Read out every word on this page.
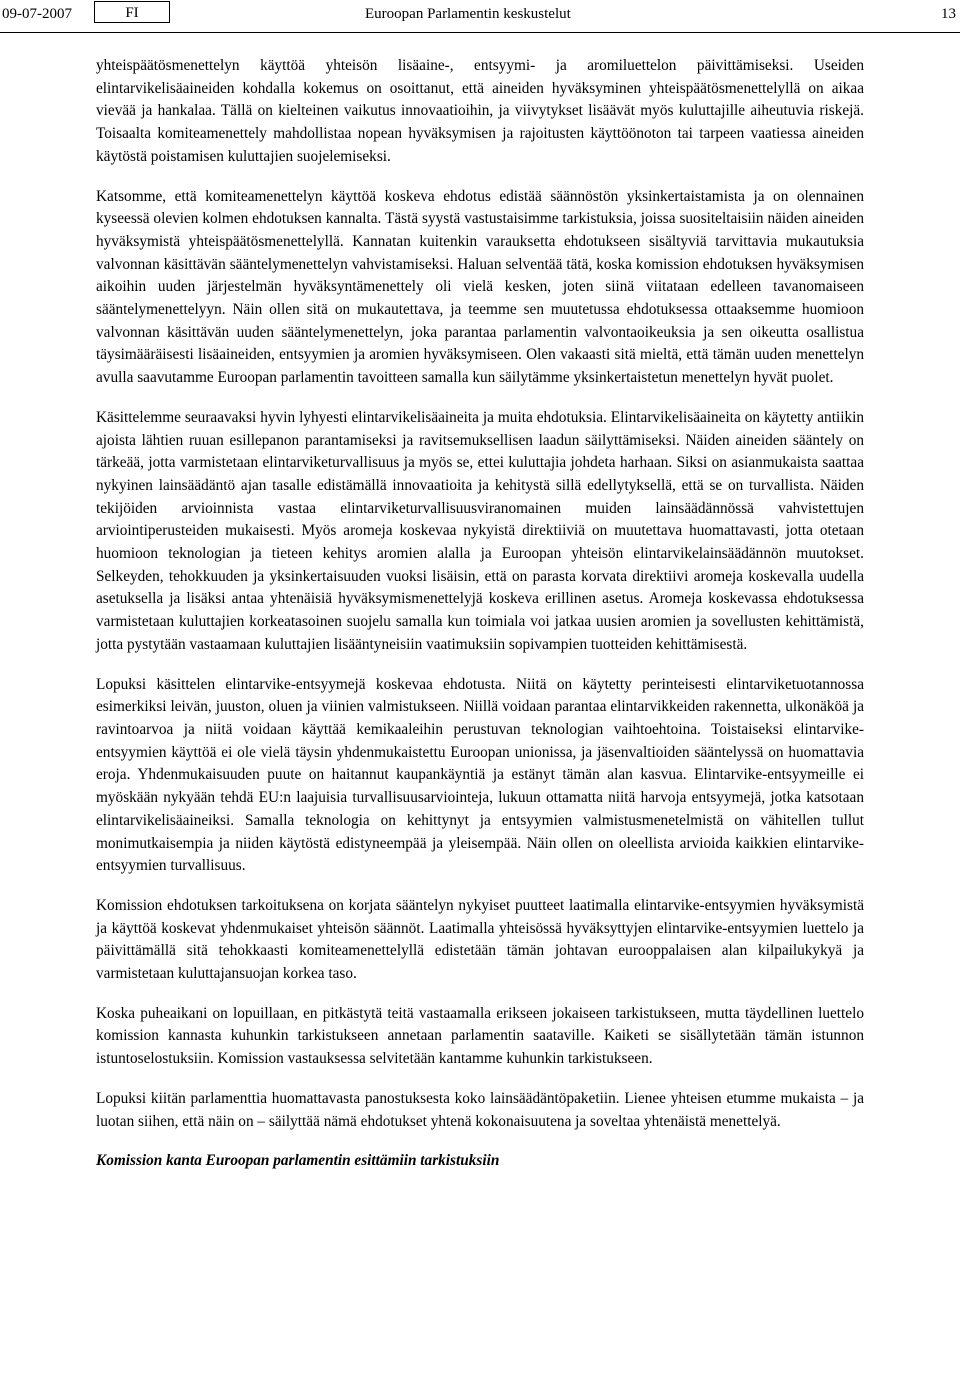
09-07-2007	FI	Euroopan Parlamentin keskustelut	13

yhteispäätösmenettelyn käyttöä yhteisön lisäaine-, entsyymi- ja aromiluettelon päivittämiseksi. Useiden elintarvikelisäaineiden kohdalla kokemus on osoittanut, että aineiden hyväksyminen yhteispäätösmenettelyllä on aikaa vievää ja hankalaa. Tällä on kielteinen vaikutus innovaatioihin, ja viivytykset lisäävät myös kuluttajille aiheutuvia riskejä. Toisaalta komiteamenettely mahdollistaa nopean hyväksymisen ja rajoitusten käyttöönoton tai tarpeen vaatiessa aineiden käytöstä poistamisen kuluttajien suojelemiseksi.

Katsomme, että komiteamenettelyn käyttöä koskeva ehdotus edistää säännöstön yksinkertaistamista ja on olennainen kyseessä olevien kolmen ehdotuksen kannalta. Tästä syystä vastustaisimme tarkistuksia, joissa suositeltaisiin näiden aineiden hyväksymistä yhteispäätösmenettelyllä. Kannatan kuitenkin varauksetta ehdotukseen sisältyviä tarvittavia mukautuksia valvonnan käsittävän sääntelymenettelyn vahvistamiseksi. Haluan selventää tätä, koska komission ehdotuksen hyväksymisen aikoihin uuden järjestelmän hyväksyntämenettely oli vielä kesken, joten siinä viitataan edelleen tavanomaiseen sääntelymenettelyyn. Näin ollen sitä on mukautettava, ja teemme sen muutetussa ehdotuksessa ottaaksemme huomioon valvonnan käsittävän uuden sääntelymenettelyn, joka parantaa parlamentin valvontaoikeuksia ja sen oikeutta osallistua täysimääräisesti lisäaineiden, entsyymien ja aromien hyväksymiseen. Olen vakaasti sitä mieltä, että tämän uuden menettelyn avulla saavutamme Euroopan parlamentin tavoitteen samalla kun säilytämme yksinkertaistetun menettelyn hyvät puolet.

Käsittelemme seuraavaksi hyvin lyhyesti elintarvikelisäaineita ja muita ehdotuksia. Elintarvikelisäaineita on käytetty antiikin ajoista lähtien ruuan esillepanon parantamiseksi ja ravitsemuksellisen laadun säilyttämiseksi. Näiden aineiden sääntely on tärkeää, jotta varmistetaan elintarviketurvallisuus ja myös se, ettei kuluttajia johdeta harhaan. Siksi on asianmukaista saattaa nykyinen lainsäädäntö ajan tasalle edistämällä innovaatioita ja kehitystä sillä edellytyksellä, että se on turvallista. Näiden tekijöiden arvioinnista vastaa elintarviketurvallisuusviranomainen muiden lainsäädännössä vahvistettujen arviointiperusteiden mukaisesti. Myös aromeja koskevaa nykyistä direktiiviä on muutettava huomattavasti, jotta otetaan huomioon teknologian ja tieteen kehitys aromien alalla ja Euroopan yhteisön elintarvikelainsäädännön muutokset. Selkeyden, tehokkuuden ja yksinkertaisuuden vuoksi lisäisin, että on parasta korvata direktiivi aromeja koskevalla uudella asetuksella ja lisäksi antaa yhtenäisiä hyväksymismenettelyjä koskeva erillinen asetus. Aromeja koskevassa ehdotuksessa varmistetaan kuluttajien korkeatasoinen suojelu samalla kun toimiala voi jatkaa uusien aromien ja sovellusten kehittämistä, jotta pystytään vastaamaan kuluttajien lisääntyneisiin vaatimuksiin sopivampien tuotteiden kehittämisestä.

Lopuksi käsittelen elintarvike-entsyymejä koskevaa ehdotusta. Niitä on käytetty perinteisesti elintarviketuotannossa esimerkiksi leivän, juuston, oluen ja viinien valmistukseen. Niillä voidaan parantaa elintarvikkeiden rakennetta, ulkonäköä ja ravintoarvoa ja niitä voidaan käyttää kemikaaleihin perustuvan teknologian vaihtoehtoina. Toistaiseksi elintarvike-entsyymien käyttöä ei ole vielä täysin yhdenmukaistettu Euroopan unionissa, ja jäsenvaltioiden sääntelyssä on huomattavia eroja. Yhdenmukaisuuden puute on haitannut kaupankäyntiä ja estänyt tämän alan kasvua. Elintarvike-entsyymeille ei myöskään nykyään tehdä EU:n laajuisia turvallisuusarviointeja, lukuun ottamatta niitä harvoja entsyymejä, jotka katsotaan elintarvikelisäaineiksi. Samalla teknologia on kehittynyt ja entsyymien valmistusmenetelmistä on vähitellen tullut monimutkaisempia ja niiden käytöstä edistyneempää ja yleisempää. Näin ollen on oleellista arvioida kaikkien elintarvike-entsyymien turvallisuus.

Komission ehdotuksen tarkoituksena on korjata sääntelyn nykyiset puutteet laatimalla elintarvike-entsyymien hyväksymistä ja käyttöä koskevat yhdenmukaiset yhteisön säännöt. Laatimalla yhteisössä hyväksyttyjen elintarvike-entsyymien luettelo ja päivittämällä sitä tehokkaasti komiteamenettelyllä edistetään tämän johtavan eurooppalaisen alan kilpailukykyä ja varmistetaan kuluttajansuojan korkea taso.

Koska puheaikani on lopuillaan, en pitkästytä teitä vastaamalla erikseen jokaiseen tarkistukseen, mutta täydellinen luettelo komission kannasta kuhunkin tarkistukseen annetaan parlamentin saataville. Kaiketi se sisällytetään tämän istunnon istuntoselostuksiin. Komission vastauksessa selvitetään kantamme kuhunkin tarkistukseen.

Lopuksi kiitän parlamenttia huomattavasta panostuksesta koko lainsäädäntöpaketiin. Lienee yhteisen etumme mukaista – ja luotan siihen, että näin on – säilyttää nämä ehdotukset yhtenä kokonaisuutena ja soveltaa yhtenäistä menettelyä.

Komission kanta Euroopan parlamentin esittämiin tarkistuksiin
